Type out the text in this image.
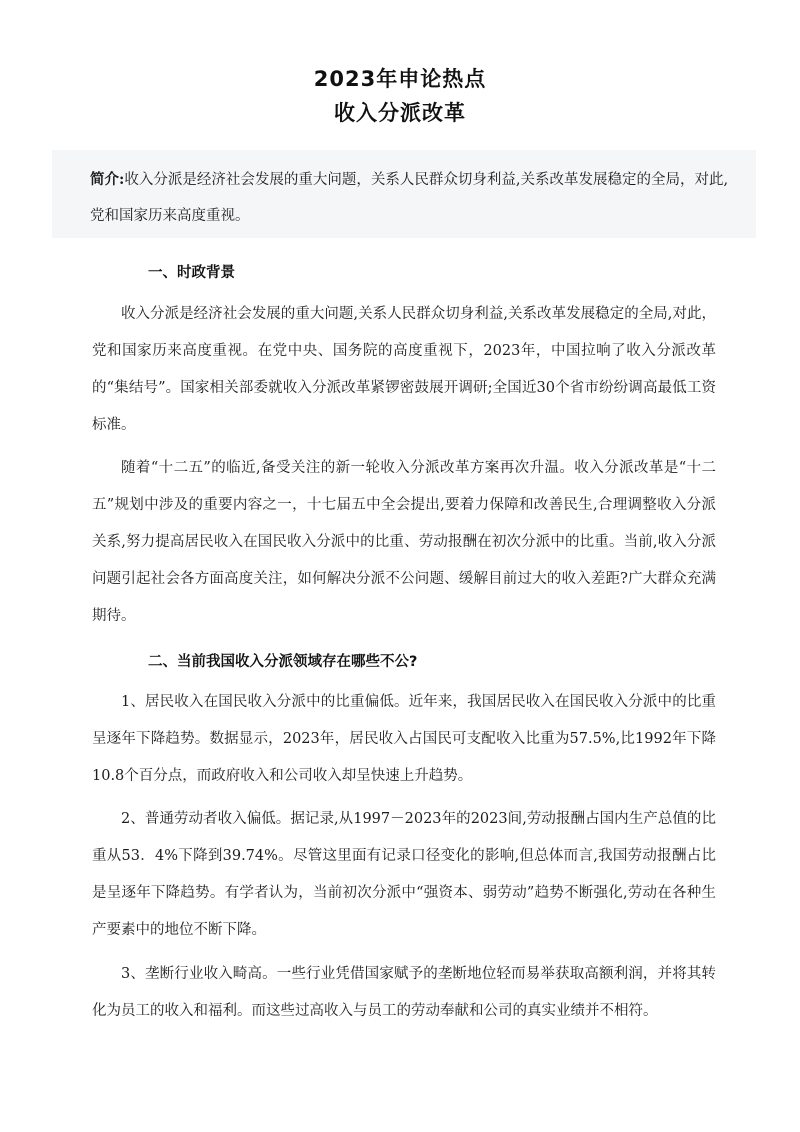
2023年申论热点
收入分派改革
简介:收入分派是经济社会发展的重大问题，关系人民群众切身利益,关系改革发展稳定的全局，对此,党和国家历来高度重视。
一、时政背景
收入分派是经济社会发展的重大问题,关系人民群众切身利益,关系改革发展稳定的全局,对此，党和国家历来高度重视。在党中央、国务院的高度重视下，2023年，中国拉响了收入分派改革的“集结号”。国家相关部委就收入分派改革紧锣密鼓展开调研;全国近30个省市纷纷调高最低工资标准。
随着“十二五”的临近,备受关注的新一轮收入分派改革方案再次升温。收入分派改革是“十二五”规划中涉及的重要内容之一，十七届五中全会提出,要着力保障和改善民生,合理调整收入分派关系,努力提高居民收入在国民收入分派中的比重、劳动报酬在初次分派中的比重。当前,收入分派问题引起社会各方面高度关注，如何解决分派不公问题、缓解目前过大的收入差距?广大群众充满期待。
二、当前我国收入分派领域存在哪些不公?
1、居民收入在国民收入分派中的比重偏低。近年来，我国居民收入在国民收入分派中的比重呈逐年下降趋势。数据显示，2023年，居民收入占国民可支配收入比重为57.5%,比1992年下降10.8个百分点，而政府收入和公司收入却呈快速上升趋势。
2、普通劳动者收入偏低。据记录,从1997－2023年的2023间,劳动报酬占国内生产总值的比重从53．4%下降到39.74%。尽管这里面有记录口径变化的影响,但总体而言,我国劳动报酬占比是呈逐年下降趋势。有学者认为，当前初次分派中“强资本、弱劳动”趋势不断强化,劳动在各种生产要素中的地位不断下降。
3、垄断行业收入畸高。一些行业凭借国家赋予的垄断地位轻而易举获取高额利润，并将其转化为员工的收入和福利。而这些过高收入与员工的劳动奉献和公司的真实业绩并不相符。
